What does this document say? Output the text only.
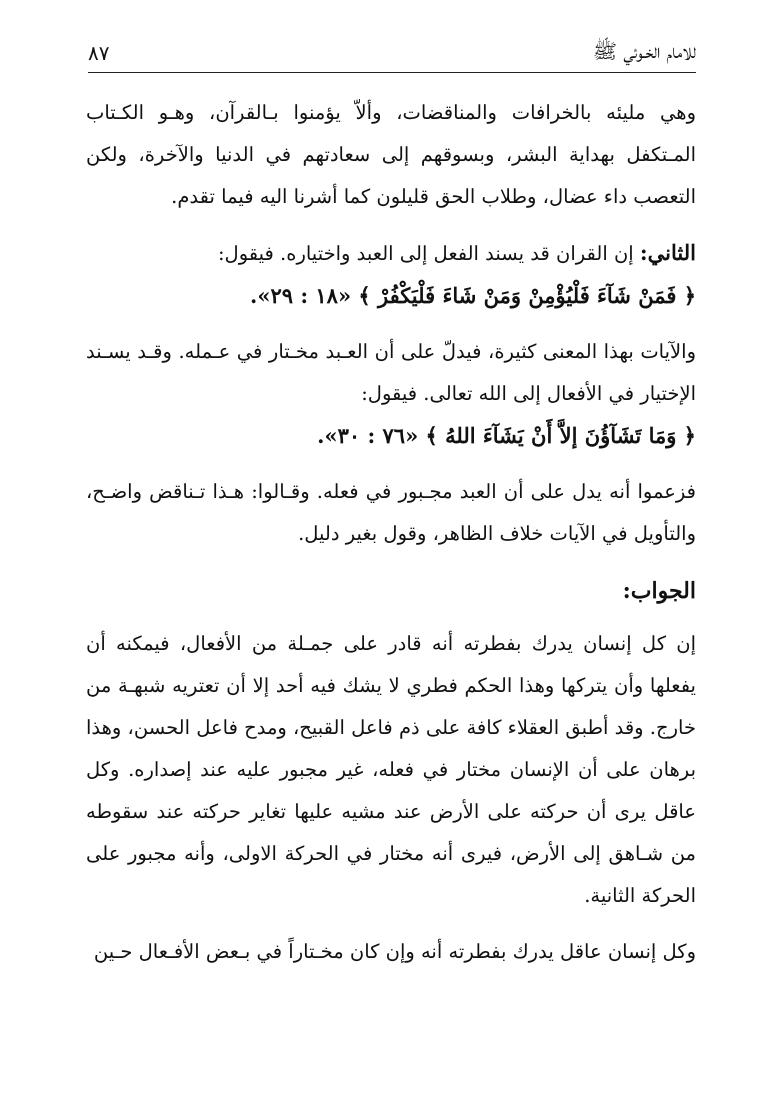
للامام الخـوئي ﷺ
٨٧

وهي مليئه بالخرافات والمناقضات، وألاّ يؤمنوا بـالقرآن، وهـو الكـتاب المـتكفل بهداية البشر، وبسوقهم إلى سعادتهم في الدنيا والآخرة، ولكن التعصب داء عضال، وطلاب الحق قليلون كما أشرنا اليه فيما تقدم.

الثاني: إن القران قد يسند الفعل إلى العبد واختياره. فيقول:

﴿ فَمَنْ شَآءَ فَلْيُؤْمِنْ وَمَنْ شَاءَ فَلْيَكْفُرْ ﴾ «١٨ : ٢٩».

والآيات بهذا المعنى كثيرة، فيدلّ على أن العـبد مخـتار في عـمله. وقـد يسـند الإختيار في الأفعال إلى الله تعالى. فيقول:

﴿ وَمَا تَشَآؤُنَ إلاَّ أَنْ يَشَآءَ اللهُ ﴾ «٧٦ : ٣٠».

فزعموا أنه يدل على أن العبد مجـبور في فعله. وقـالوا: هـذا تـناقض واضـح، والتأويل في الآيات خلاف الظاهر، وقول بغير دليل.

الجواب:

إن كل إنسان يدرك بفطرته أنه قادر على جمـلة من الأفعال، فيمكنه أن يفعلها وأن يتركها وهذا الحكم فطري لا يشك فيه أحد إلا أن تعتريه شبهـة من خارج. وقد أطبق العقلاء كافة على ذم فاعل القبيح، ومدح فاعل الحسن، وهذا برهان على أن الإنسان مختار في فعله، غير مجبور عليه عند إصداره. وكل عاقل يرى أن حركته على الأرض عند مشيه عليها تغاير حركته عند سقوطه من شـاهق إلى الأرض، فيرى أنه مختار في الحركة الاولى، وأنه مجبور على الحركة الثانية.

وكل إنسان عاقل يدرك بفطرته أنه وإن كان مخـتاراً في بـعض الأفـعال حـين
